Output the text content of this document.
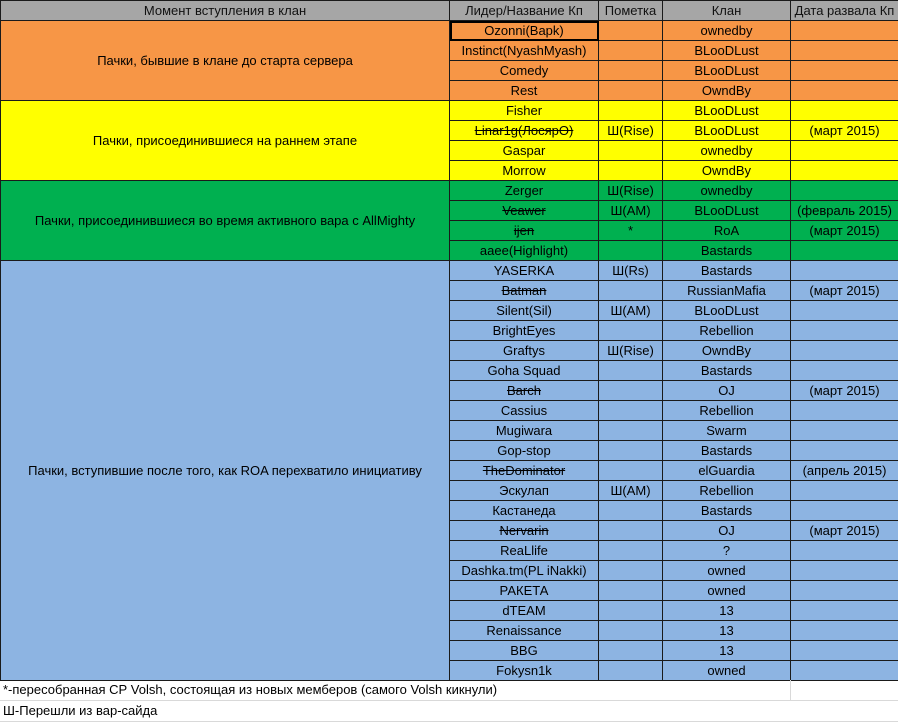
Момент вступления в клан	Лидер/Название Кп	Пометка	Клан	Дата развала Кп
Пачки, бывшие в клане до старта сервера	Ozonni(Вapk)		ownedby	
	Instinct(NyashMyash)		BLooDLust	
	Comedy		BLooDLust	
	Rest		OwndBy	
Пачки, присоединившиеся на раннем этапе	Fisher		BLooDLust	
	Linar1g(ЛосярО)	Ш(Rise)	BLooDLust	(март 2015)
	Gaspar		ownedby	
	Morrow		OwndBy	
Пачки, присоединившиеся во время активного вара с AllMighty	Zerger	Ш(Rise)	ownedby	
	Veawer	Ш(AM)	BLooDLust	(февраль 2015)
	ijen	*	RoA	(март 2015)
	aaee(Highlight)		Bastards	
Пачки, вступившие после того, как ROA перехватило инициативу	YASERKA	Ш(Rs)	Bastards	
	Batman		RussianMafia	(март 2015)
	Silent(Sil)	Ш(AM)	BLooDLust	
	BrightEyes		Rebellion	
	Graftys	Ш(Rise)	OwndBy	
	Goha Squad		Bastards	
	Barch		OJ	(март 2015)
	Cassius		Rebellion	
	Mugiwara		Swarm	
	Gop-stop		Bastards	
	TheDominator		elGuardia	(апрель 2015)
	Эскулап	Ш(AM)	Rebellion	
	Кастанеда		Bastards	
	Nervarin		OJ	(март 2015)
	ReaLlife		?	
	Dashka.tm(PL iNakki)		owned	
	РАКЕТА		owned	
	dTEAM		13	
	Renaissance		13	
	BBG		13	
	Fokysn1k		owned	
*-пересобранная СР Volsh, состоящая из новых мемберов (самого Volsh кикнули)
Ш-Перешли из вар-сайда
